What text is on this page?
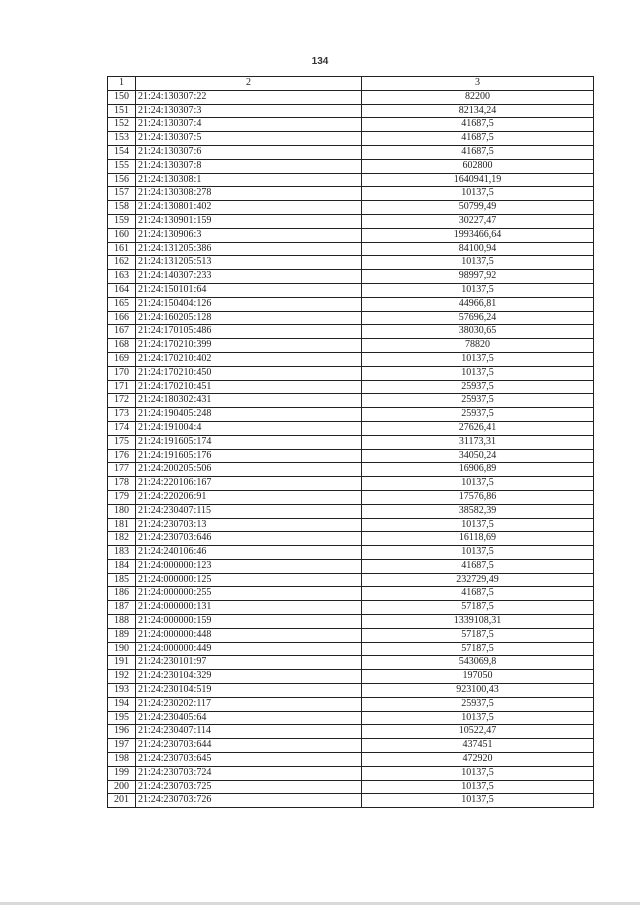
134
1	2	3
150	21:24:130307:22	82200
151	21:24:130307:3	82134,24
152	21:24:130307:4	41687,5
153	21:24:130307:5	41687,5
154	21:24:130307:6	41687,5
155	21:24:130307:8	602800
156	21:24:130308:1	1640941,19
157	21:24:130308:278	10137,5
158	21:24:130801:402	50799,49
159	21:24:130901:159	30227,47
160	21:24:130906:3	1993466,64
161	21:24:131205:386	84100,94
162	21:24:131205:513	10137,5
163	21:24:140307:233	98997,92
164	21:24:150101:64	10137,5
165	21:24:150404:126	44966,81
166	21:24:160205:128	57696,24
167	21:24:170105:486	38030,65
168	21:24:170210:399	78820
169	21:24:170210:402	10137,5
170	21:24:170210:450	10137,5
171	21:24:170210:451	25937,5
172	21:24:180302:431	25937,5
173	21:24:190405:248	25937,5
174	21:24:191004:4	27626,41
175	21:24:191605:174	31173,31
176	21:24:191605:176	34050,24
177	21:24:200205:506	16906,89
178	21:24:220106:167	10137,5
179	21:24:220206:91	17576,86
180	21:24:230407:115	38582,39
181	21:24:230703:13	10137,5
182	21:24:230703:646	16118,69
183	21:24:240106:46	10137,5
184	21:24:000000:123	41687,5
185	21:24:000000:125	232729,49
186	21:24:000000:255	41687,5
187	21:24:000000:131	57187,5
188	21:24:000000:159	1339108,31
189	21:24:000000:448	57187,5
190	21:24:000000:449	57187,5
191	21:24:230101:97	543069,8
192	21:24:230104:329	197050
193	21:24:230104:519	923100,43
194	21:24:230202:117	25937,5
195	21:24:230405:64	10137,5
196	21:24:230407:114	10522,47
197	21:24:230703:644	437451
198	21:24:230703:645	472920
199	21:24:230703:724	10137,5
200	21:24:230703:725	10137,5
201	21:24:230703:726	10137,5
